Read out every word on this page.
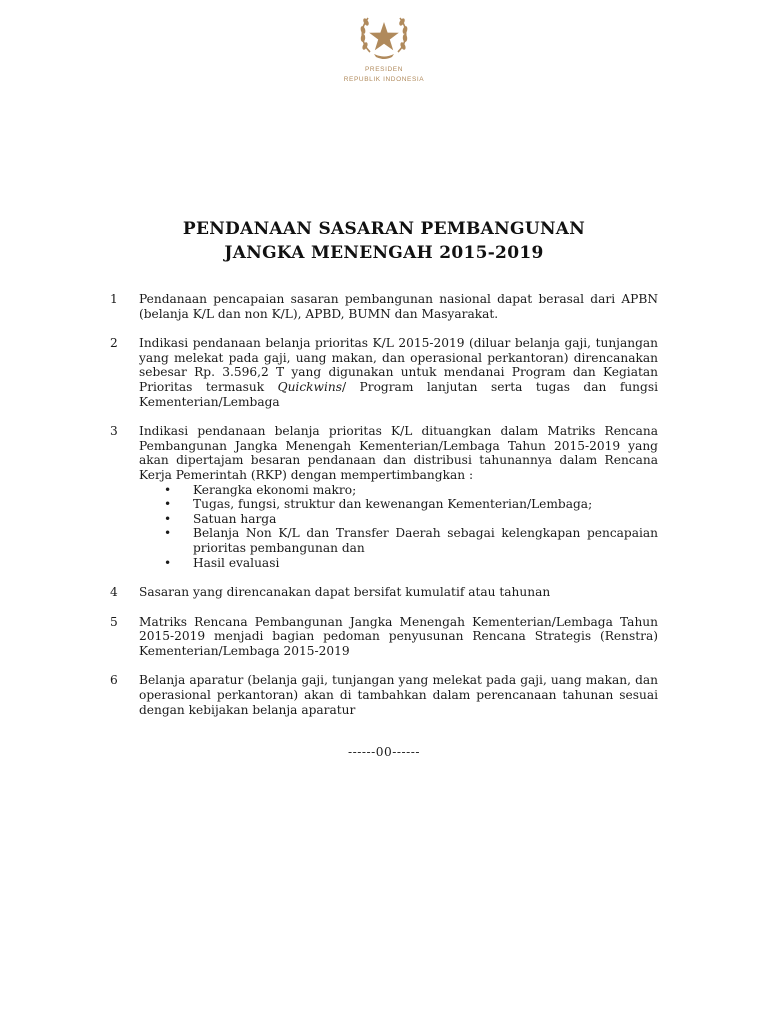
PRESIDEN
REPUBLIK INDONESIA
PENDANAAN SASARAN PEMBANGUNAN
JANGKA MENENGAH 2015-2019
1	Pendanaan pencapaian sasaran pembangunan nasional dapat berasal dari APBN (belanja K/L dan non K/L), APBD, BUMN dan Masyarakat.
2	Indikasi pendanaan belanja prioritas K/L 2015-2019 (diluar belanja gaji, tunjangan yang melekat pada gaji, uang makan, dan operasional perkantoran) direncanakan sebesar Rp. 3.596,2 T yang digunakan untuk mendanai Program dan Kegiatan Prioritas termasuk Quickwins/ Program lanjutan serta tugas dan fungsi Kementerian/Lembaga
3	Indikasi pendanaan belanja prioritas K/L dituangkan dalam Matriks Rencana Pembangunan Jangka Menengah Kementerian/Lembaga Tahun 2015-2019 yang akan dipertajam besaran pendanaan dan distribusi tahunannya dalam Rencana Kerja Pemerintah (RKP) dengan mempertimbangkan :
• Kerangka ekonomi makro;
• Tugas, fungsi, struktur dan kewenangan Kementerian/Lembaga;
• Satuan harga
• Belanja Non K/L dan Transfer Daerah sebagai kelengkapan pencapaian prioritas pembangunan dan
• Hasil evaluasi
4	Sasaran yang direncanakan dapat bersifat kumulatif atau tahunan
5	Matriks Rencana Pembangunan Jangka Menengah Kementerian/Lembaga Tahun 2015-2019 menjadi bagian pedoman penyusunan Rencana Strategis (Renstra) Kementerian/Lembaga 2015-2019
6	Belanja aparatur (belanja gaji, tunjangan yang melekat pada gaji, uang makan, dan operasional perkantoran) akan di tambahkan dalam perencanaan tahunan sesuai dengan kebijakan belanja aparatur
------00------
